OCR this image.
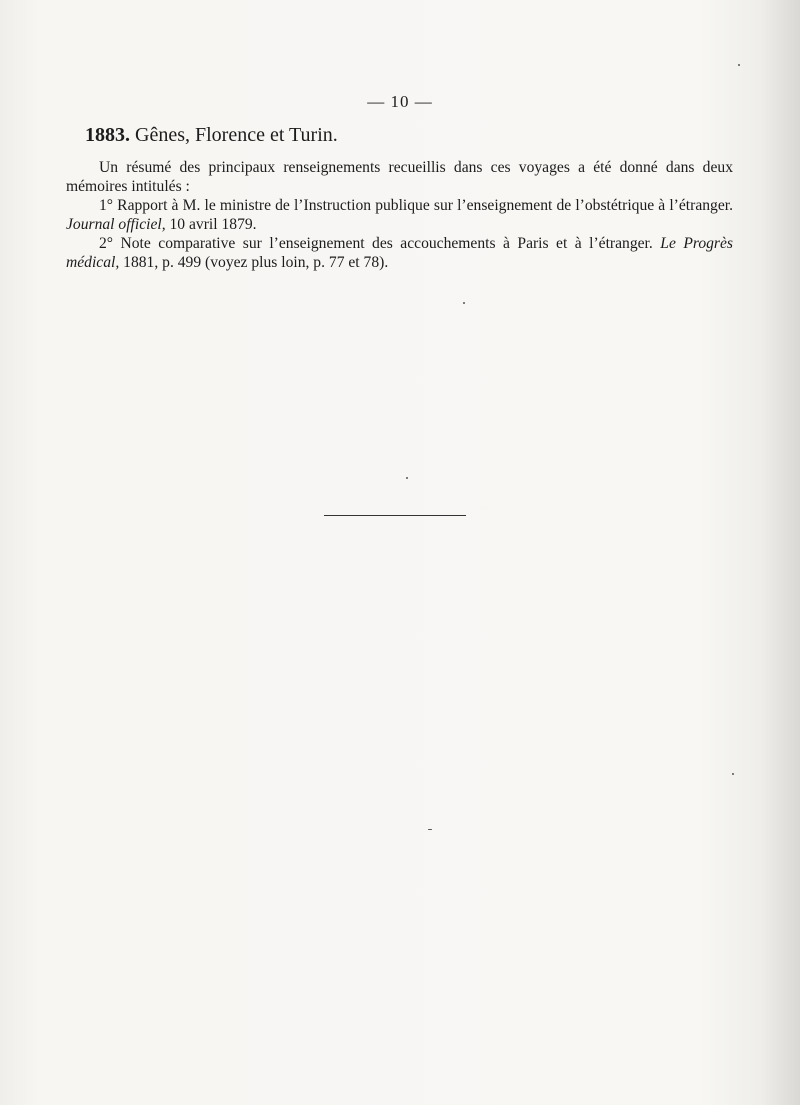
— 10 —
1883. Gênes, Florence et Turin.

Un résumé des principaux renseignements recueillis dans ces voyages a été donné dans deux mémoires intitulés :

1° Rapport à M. le ministre de l’Instruction publique sur l’enseignement de l’obstétrique à l’étranger. Journal officiel, 10 avril 1879.

2° Note comparative sur l’enseignement des accouchements à Paris et à l’étranger. Le Progrès médical, 1881, p. 499 (voyez plus loin, p. 77 et 78).
